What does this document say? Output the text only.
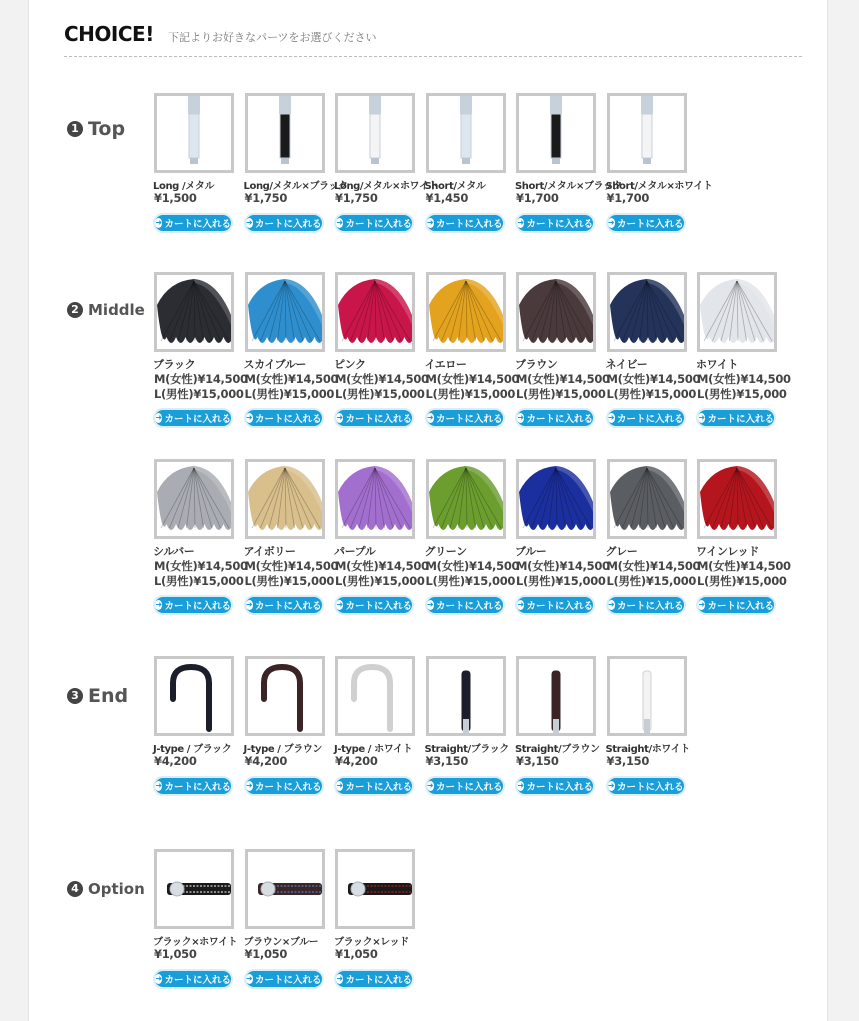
CHOICE! 下記よりお好きなパーツをお選びください
1 Top
2 Middle
3 End
4 Option
Long /メタル
¥1,500
➜ カートに入れる
Long/メタル×ブラック
¥1,750
➜ カートに入れる
Long/メタル×ホワイト
¥1,750
➜ カートに入れる
Short/メタル
¥1,450
➜ カートに入れる
Short/メタル×ブラック
¥1,700
➜ カートに入れる
Short/メタル×ホワイト
¥1,700
➜ カートに入れる
ブラック
M(女性)¥14,500
L(男性)¥15,000
➜ カートに入れる
スカイブルー
M(女性)¥14,500
L(男性)¥15,000
➜ カートに入れる
ピンク
M(女性)¥14,500
L(男性)¥15,000
➜ カートに入れる
イエロー
M(女性)¥14,500
L(男性)¥15,000
➜ カートに入れる
ブラウン
M(女性)¥14,500
L(男性)¥15,000
➜ カートに入れる
ネイビー
M(女性)¥14,500
L(男性)¥15,000
➜ カートに入れる
ホワイト
M(女性)¥14,500
L(男性)¥15,000
➜ カートに入れる
シルバー
M(女性)¥14,500
L(男性)¥15,000
➜ カートに入れる
アイボリー
M(女性)¥14,500
L(男性)¥15,000
➜ カートに入れる
パープル
M(女性)¥14,500
L(男性)¥15,000
➜ カートに入れる
グリーン
M(女性)¥14,500
L(男性)¥15,000
➜ カートに入れる
ブルー
M(女性)¥14,500
L(男性)¥15,000
➜ カートに入れる
グレー
M(女性)¥14,500
L(男性)¥15,000
➜ カートに入れる
ワインレッド
M(女性)¥14,500
L(男性)¥15,000
➜ カートに入れる
J-type / ブラック
¥4,200
➜ カートに入れる
J-type / ブラウン
¥4,200
➜ カートに入れる
J-type / ホワイト
¥4,200
➜ カートに入れる
Straight/ブラック
¥3,150
➜ カートに入れる
Straight/ブラウン
¥3,150
➜ カートに入れる
Straight/ホワイト
¥3,150
➜ カートに入れる
ブラック×ホワイト
¥1,050
➜ カートに入れる
ブラウン×ブルー
¥1,050
➜ カートに入れる
ブラック×レッド
¥1,050
➜ カートに入れる
